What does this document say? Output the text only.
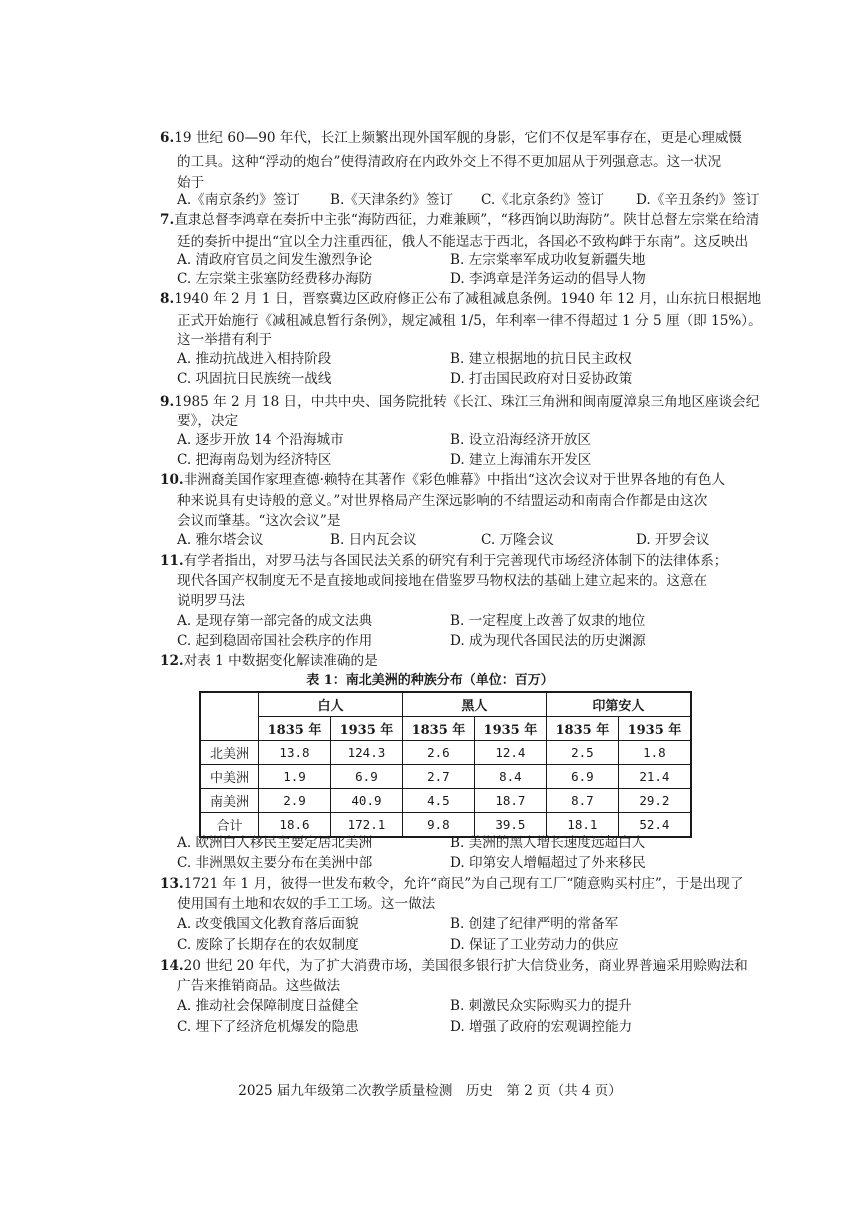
6.19 世纪 60—90 年代，长江上频繁出现外国军舰的身影，它们不仅是军事存在，更是心理威慑
的工具。这种“浮动的炮台”使得清政府在内政外交上不得不更加屈从于列强意志。这一状况
始于
A.《南京条约》签订 B.《天津条约》签订 C.《北京条约》签订 D.《辛丑条约》签订
7.直隶总督李鸿章在奏折中主张“海防西征，力难兼顾”，“移西饷以助海防”。陕甘总督左宗棠在给清
廷的奏折中提出“宜以全力注重西征，俄人不能逞志于西北，各国必不致构衅于东南”。这反映出
A. 清政府官员之间发生激烈争论	B. 左宗棠率军成功收复新疆失地
C. 左宗棠主张塞防经费移办海防	D. 李鸿章是洋务运动的倡导人物
8.1940 年 2 月 1 日，晋察冀边区政府修正公布了减租减息条例。1940 年 12 月，山东抗日根据地
正式开始施行《减租减息暂行条例》，规定减租 1/5，年利率一律不得超过 1 分 5 厘（即 15%）。
这一举措有利于
A. 推动抗战进入相持阶段	B. 建立根据地的抗日民主政权
C. 巩固抗日民族统一战线	D. 打击国民政府对日妥协政策
9.1985 年 2 月 18 日，中共中央、国务院批转《长江、珠江三角洲和闽南厦漳泉三角地区座谈会纪
要》，决定
A. 逐步开放 14 个沿海城市	B. 设立沿海经济开放区
C. 把海南岛划为经济特区	D. 建立上海浦东开发区
10.非洲裔美国作家理查德·赖特在其著作《彩色帷幕》中指出“这次会议对于世界各地的有色人
种来说具有史诗般的意义。”对世界格局产生深远影响的不结盟运动和南南合作都是由这次
会议而肇基。“这次会议”是
A. 雅尔塔会议	B. 日内瓦会议	C. 万隆会议	D. 开罗会议
11.有学者指出，对罗马法与各国民法关系的研究有利于完善现代市场经济体制下的法律体系；
现代各国产权制度无不是直接地或间接地在借鉴罗马物权法的基础上建立起来的。这意在
说明罗马法
A. 是现存第一部完备的成文法典	B. 一定程度上改善了奴隶的地位
C. 起到稳固帝国社会秩序的作用	D. 成为现代各国民法的历史渊源
12.对表 1 中数据变化解读准确的是
表 1：南北美洲的种族分布（单位：百万）
	白人		黑人		印第安人	
	1835 年	1935 年	1835 年	1935 年	1835 年	1935 年
北美洲	13.8	124.3	2.6	12.4	2.5	1.8
中美洲	1.9	6.9	2.7	8.4	6.9	21.4
南美洲	2.9	40.9	4.5	18.7	8.7	29.2
合计	18.6	172.1	9.8	39.5	18.1	52.4
A. 欧洲白人移民主要定居北美洲	B. 美洲的黑人增长速度远超白人
C. 非洲黑奴主要分布在美洲中部	D. 印第安人增幅超过了外来移民
13.1721 年 1 月，彼得一世发布敕令，允许“商民”为自己现有工厂“随意购买村庄”，于是出现了
使用国有土地和农奴的手工工场。这一做法
A. 改变俄国文化教育落后面貌	B. 创建了纪律严明的常备军
C. 废除了长期存在的农奴制度	D. 保证了工业劳动力的供应
14.20 世纪 20 年代，为了扩大消费市场，美国很多银行扩大信贷业务，商业界普遍采用赊购法和
广告来推销商品。这些做法
A. 推动社会保障制度日益健全	B. 刺激民众实际购买力的提升
C. 埋下了经济危机爆发的隐患	D. 增强了政府的宏观调控能力
2025 届九年级第二次教学质量检测　历史　第 2 页（共 4 页）
